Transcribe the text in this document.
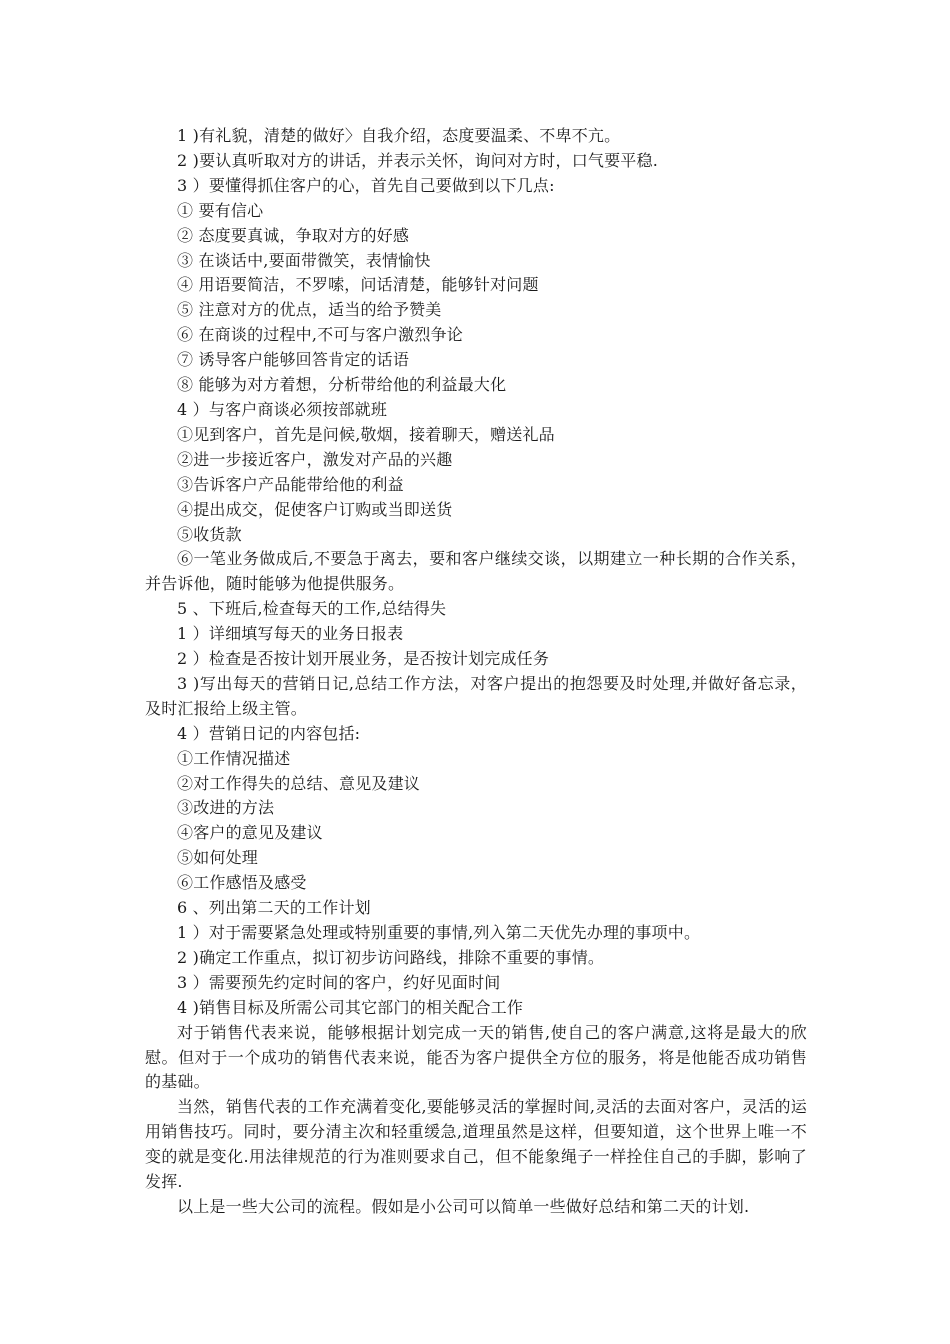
1 )有礼貌，清楚的做好〉自我介绍，态度要温柔、不卑不亢。

2 )要认真听取对方的讲话，并表示关怀，询问对方时，口气要平稳.

3 ）要懂得抓住客户的心，首先自己要做到以下几点:

① 要有信心

② 态度要真诚，争取对方的好感

③ 在谈话中,要面带微笑，表情愉快

④ 用语要简洁，不罗嗦，问话清楚，能够针对问题

⑤ 注意对方的优点，适当的给予赞美

⑥ 在商谈的过程中,不可与客户激烈争论

⑦ 诱导客户能够回答肯定的话语

⑧ 能够为对方着想，分析带给他的利益最大化

4 ）与客户商谈必须按部就班

①见到客户，首先是问候,敬烟，接着聊天，赠送礼品

②进一步接近客户，激发对产品的兴趣

③告诉客户产品能带给他的利益

④提出成交，促使客户订购或当即送货

⑤收货款

⑥一笔业务做成后,不要急于离去，要和客户继续交谈，以期建立一种长期的合作关系，并告诉他，随时能够为他提供服务。

5 、下班后,检查每天的工作,总结得失

1 ）详细填写每天的业务日报表

2 ）检查是否按计划开展业务，是否按计划完成任务

3 )写出每天的营销日记,总结工作方法，对客户提出的抱怨要及时处理,并做好备忘录，及时汇报给上级主管。

4 ）营销日记的内容包括:

①工作情况描述

②对工作得失的总结、意见及建议

③改进的方法

④客户的意见及建议

⑤如何处理

⑥工作感悟及感受

6 、列出第二天的工作计划

1 ）对于需要紧急处理或特别重要的事情,列入第二天优先办理的事项中。

2 )确定工作重点，拟订初步访问路线，排除不重要的事情。

3 ）需要预先约定时间的客户，约好见面时间

4 )销售目标及所需公司其它部门的相关配合工作

对于销售代表来说，能够根据计划完成一天的销售,使自己的客户满意,这将是最大的欣慰。但对于一个成功的销售代表来说，能否为客户提供全方位的服务，将是他能否成功销售的基础。

当然，销售代表的工作充满着变化,要能够灵活的掌握时间,灵活的去面对客户，灵活的运用销售技巧。同时，要分清主次和轻重缓急,道理虽然是这样，但要知道，这个世界上唯一不变的就是变化.用法律规范的行为准则要求自己，但不能象绳子一样拴住自己的手脚，影响了发挥.

以上是一些大公司的流程。假如是小公司可以简单一些做好总结和第二天的计划.
